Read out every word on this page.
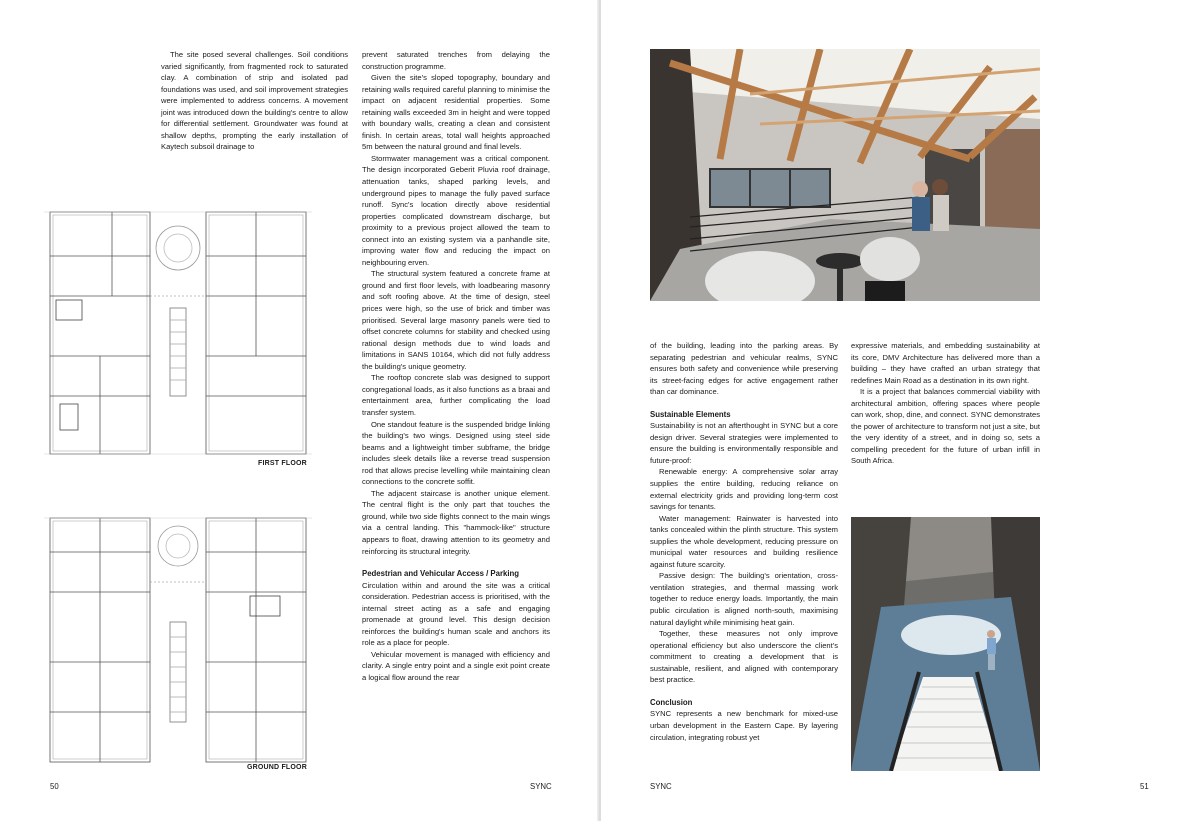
The site posed several challenges. Soil conditions varied significantly, from fragmented rock to saturated clay. A combination of strip and isolated pad foundations was used, and soil improvement strategies were implemented to address concerns. A movement joint was introduced down the building's centre to allow for differential settlement. Groundwater was found at shallow depths, prompting the early installation of Kaytech subsoil drainage to

prevent saturated trenches from delaying the construction programme.

Given the site's sloped topography, boundary and retaining walls required careful planning to minimise the impact on adjacent residential properties. Some retaining walls exceeded 3m in height and were topped with boundary walls, creating a clean and consistent finish. In certain areas, total wall heights approached 5m between the natural ground and final levels.

Stormwater management was a critical component. The design incorporated Geberit Pluvia roof drainage, attenuation tanks, shaped parking levels, and underground pipes to manage the fully paved surface runoff. Sync's location directly above residential properties complicated downstream discharge, but proximity to a previous project allowed the team to connect into an existing system via a panhandle site, improving water flow and reducing the impact on neighbouring erven.

The structural system featured a concrete frame at ground and first floor levels, with loadbearing masonry and soft roofing above. At the time of design, steel prices were high, so the use of brick and timber was prioritised. Several large masonry panels were tied to offset concrete columns for stability and checked using rational design methods due to wind loads and limitations in SANS 10164, which did not fully address the building's unique geometry.

The rooftop concrete slab was designed to support congregational loads, as it also functions as a braai and entertainment area, further complicating the load transfer system.

One standout feature is the suspended bridge linking the building's two wings. Designed using steel side beams and a lightweight timber subframe, the bridge includes sleek details like a reverse tread suspension rod that allows precise levelling while maintaining clean connections to the concrete soffit.

The adjacent staircase is another unique element. The central flight is the only part that touches the ground, while two side flights connect to the main wings via a central landing. This "hammock-like" structure appears to float, drawing attention to its geometry and reinforcing its structural integrity.

Pedestrian and Vehicular Access / Parking

Circulation within and around the site was a critical consideration. Pedestrian access is prioritised, with the internal street acting as a safe and engaging promenade at ground level. This design decision reinforces the building's human scale and anchors its role as a place for people.

Vehicular movement is managed with efficiency and clarity. A single entry point and a single exit point create a logical flow around the rear

FIRST FLOOR
GROUND FLOOR
50	SYNC

of the building, leading into the parking areas. By separating pedestrian and vehicular realms, SYNC ensures both safety and convenience while preserving its street-facing edges for active engagement rather than car dominance.

Sustainable Elements

Sustainability is not an afterthought in SYNC but a core design driver. Several strategies were implemented to ensure the building is environmentally responsible and future-proof:

Renewable energy: A comprehensive solar array supplies the entire building, reducing reliance on external electricity grids and providing long-term cost savings for tenants.

Water management: Rainwater is harvested into tanks concealed within the plinth structure. This system supplies the whole development, reducing pressure on municipal water resources and building resilience against future scarcity.

Passive design: The building's orientation, cross-ventilation strategies, and thermal massing work together to reduce energy loads. Importantly, the main public circulation is aligned north-south, maximising natural daylight while minimising heat gain.

Together, these measures not only improve operational efficiency but also underscore the client's commitment to creating a development that is sustainable, resilient, and aligned with contemporary best practice.

Conclusion

SYNC represents a new benchmark for mixed-use urban development in the Eastern Cape. By layering circulation, integrating robust yet

expressive materials, and embedding sustainability at its core, DMV Architecture has delivered more than a building – they have crafted an urban strategy that redefines Main Road as a destination in its own right.

It is a project that balances commercial viability with architectural ambition, offering spaces where people can work, shop, dine, and connect. SYNC demonstrates the power of architecture to transform not just a site, but the very identity of a street, and in doing so, sets a compelling precedent for the future of urban infill in South Africa.

SYNC	51
